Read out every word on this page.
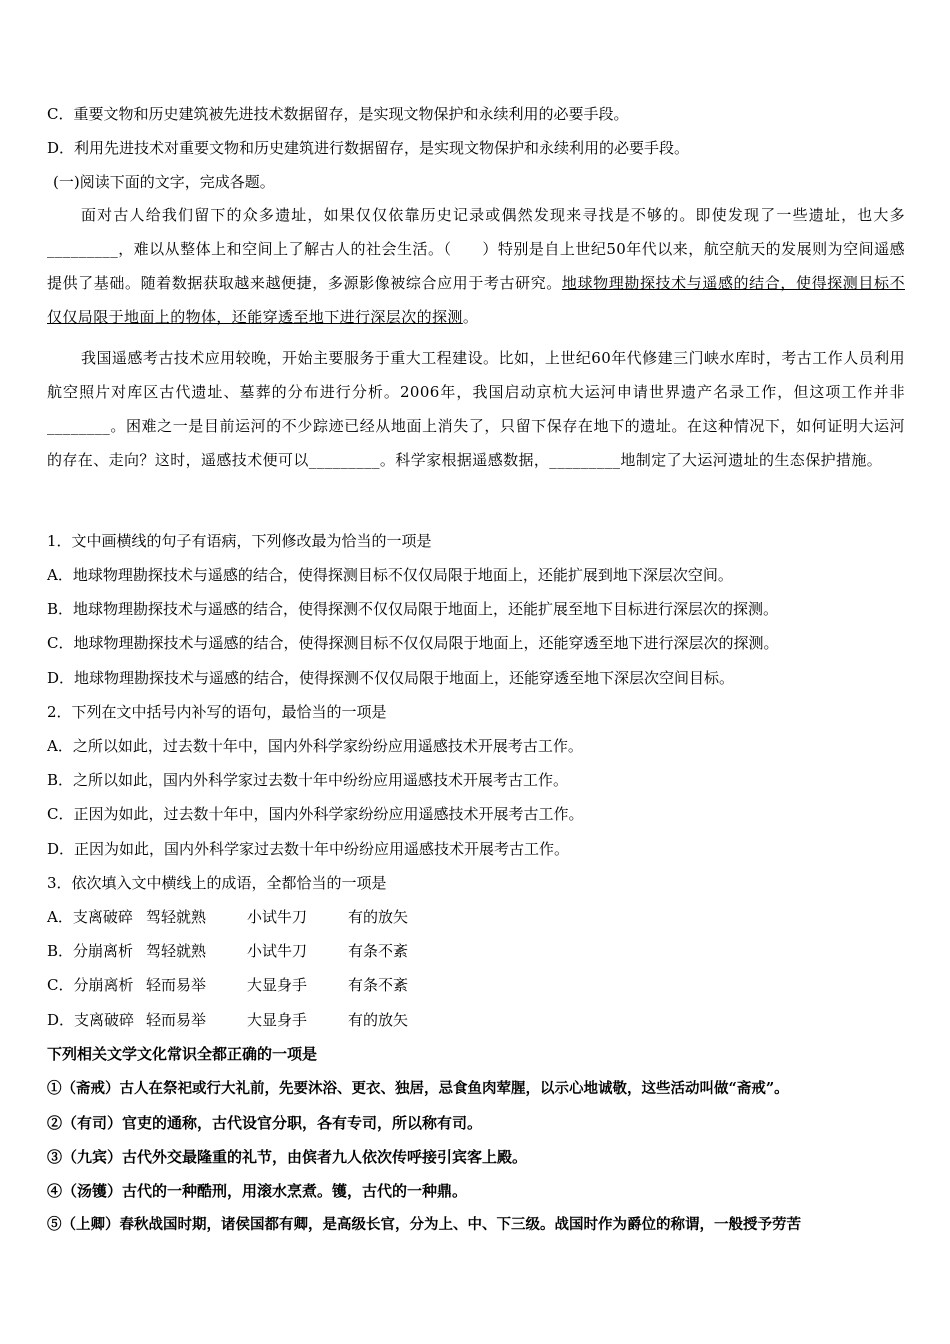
C．重要文物和历史建筑被先进技术数据留存，是实现文物保护和永续利用的必要手段。
D．利用先进技术对重要文物和历史建筑进行数据留存，是实现文物保护和永续利用的必要手段。
(一)阅读下面的文字，完成各题。
面对古人给我们留下的众多遗址，如果仅仅依靠历史记录或偶然发现来寻找是不够的。即使发现了一些遗址，也大多_________，难以从整体上和空间上了解古人的社会生活。（　　）特别是自上世纪50年代以来，航空航天的发展则为空间遥感提供了基础。随着数据获取越来越便捷，多源影像被综合应用于考古研究。地球物理勘探技术与遥感的结合，使得探测目标不仅仅局限于地面上的物体，还能穿透至地下进行深层次的探测。
我国遥感考古技术应用较晚，开始主要服务于重大工程建设。比如，上世纪60年代修建三门峡水库时，考古工作人员利用航空照片对库区古代遗址、墓葬的分布进行分析。2006年，我国启动京杭大运河申请世界遗产名录工作，但这项工作并非________。困难之一是目前运河的不少踪迹已经从地面上消失了，只留下保存在地下的遗址。在这种情况下，如何证明大运河的存在、走向？这时，遥感技术便可以_________。科学家根据遥感数据，_________地制定了大运河遗址的生态保护措施。
1．文中画横线的句子有语病，下列修改最为恰当的一项是
A．地球物理勘探技术与遥感的结合，使得探测目标不仅仅局限于地面上，还能扩展到地下深层次空间。
B．地球物理勘探技术与遥感的结合，使得探测不仅仅局限于地面上，还能扩展至地下目标进行深层次的探测。
C．地球物理勘探技术与遥感的结合，使得探测目标不仅仅局限于地面上，还能穿透至地下进行深层次的探测。
D．地球物理勘探技术与遥感的结合，使得探测不仅仅局限于地面上，还能穿透至地下深层次空间目标。
2．下列在文中括号内补写的语句，最恰当的一项是
A．之所以如此，过去数十年中，国内外科学家纷纷应用遥感技术开展考古工作。
B．之所以如此，国内外科学家过去数十年中纷纷应用遥感技术开展考古工作。
C．正因为如此，过去数十年中，国内外科学家纷纷应用遥感技术开展考古工作。
D．正因为如此，国内外科学家过去数十年中纷纷应用遥感技术开展考古工作。
3．依次填入文中横线上的成语，全都恰当的一项是
A．支离破碎 驾轻就熟	小试牛刀	有的放矢
B．分崩离析 驾轻就熟	小试牛刀	有条不紊
C．分崩离析 轻而易举	大显身手	有条不紊
D．支离破碎 轻而易举	大显身手	有的放矢
下列相关文学文化常识全都正确的一项是
①（斋戒）古人在祭祀或行大礼前，先要沐浴、更衣、独居，忌食鱼肉荤腥，以示心地诚敬，这些活动叫做“斋戒”。
②（有司）官吏的通称，古代设官分职，各有专司，所以称有司。
③（九宾）古代外交最隆重的礼节，由傧者九人依次传呼接引宾客上殿。
④（汤镬）古代的一种酷刑，用滚水烹煮。镬，古代的一种鼎。
⑤（上卿）春秋战国时期，诸侯国都有卿，是高级长官，分为上、中、下三级。战国时作为爵位的称谓，一般授予劳苦
